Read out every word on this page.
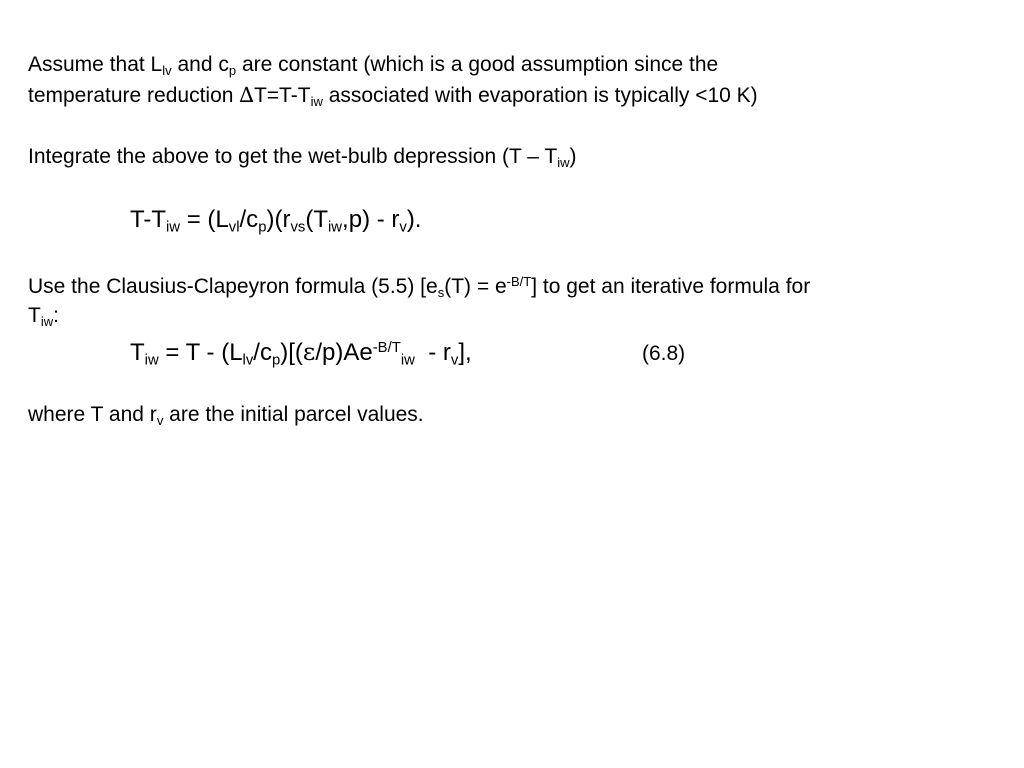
Assume that $L_{lv}$ and $c_p$ are constant (which is a good assumption since the
temperature reduction $\Delta T=T-T_{iw}$ associated with evaporation is typically <10 K)
Integrate the above to get the wet-bulb depression $(T - T_{iw})$
$T-T_{iw} = (L_{vl}/c_p)(r_{vs}(T_{iw},p) - r_v)$.
Use the Clausius-Clapeyron formula (5.5) $[e_s(T) = e^{-B/T}]$ to get an iterative formula for
$T_{iw}$:
$T_{iw} = T - (L_{lv}/c_p)[(\varepsilon/p)Ae^{-B/T}_{iw} - r_v]$,	(6.8)
where T and $r_v$ are the initial parcel values.
